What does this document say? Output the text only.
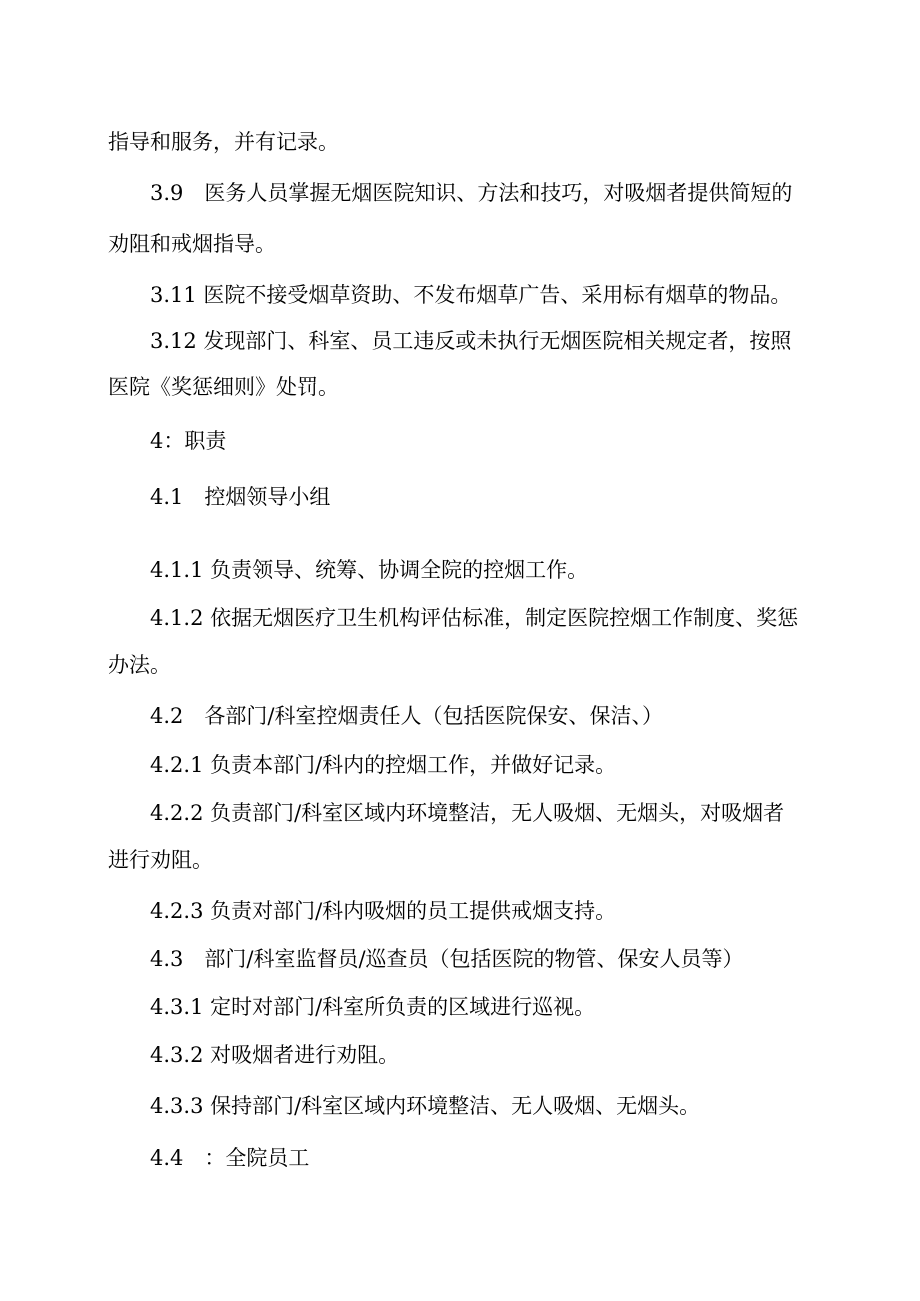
指导和服务，并有记录。
3.9　医务人员掌握无烟医院知识、方法和技巧，对吸烟者提供简短的
劝阻和戒烟指导。
3.11 医院不接受烟草资助、不发布烟草广告、采用标有烟草的物品。
3.12 发现部门、科室、员工违反或未执行无烟医院相关规定者，按照
医院《奖惩细则》处罚。
4：职责
4.1　控烟领导小组
4.1.1 负责领导、统筹、协调全院的控烟工作。
4.1.2 依据无烟医疗卫生机构评估标准，制定医院控烟工作制度、奖惩
办法。
4.2　各部门/科室控烟责任人（包括医院保安、保洁、）
4.2.1 负责本部门/科内的控烟工作，并做好记录。
4.2.2 负责部门/科室区域内环境整洁，无人吸烟、无烟头，对吸烟者
进行劝阻。
4.2.3 负责对部门/科内吸烟的员工提供戒烟支持。
4.3　部门/科室监督员/巡查员（包括医院的物管、保安人员等）
4.3.1 定时对部门/科室所负责的区域进行巡视。
4.3.2 对吸烟者进行劝阻。
4.3.3 保持部门/科室区域内环境整洁、无人吸烟、无烟头。
4.4　：全院员工
